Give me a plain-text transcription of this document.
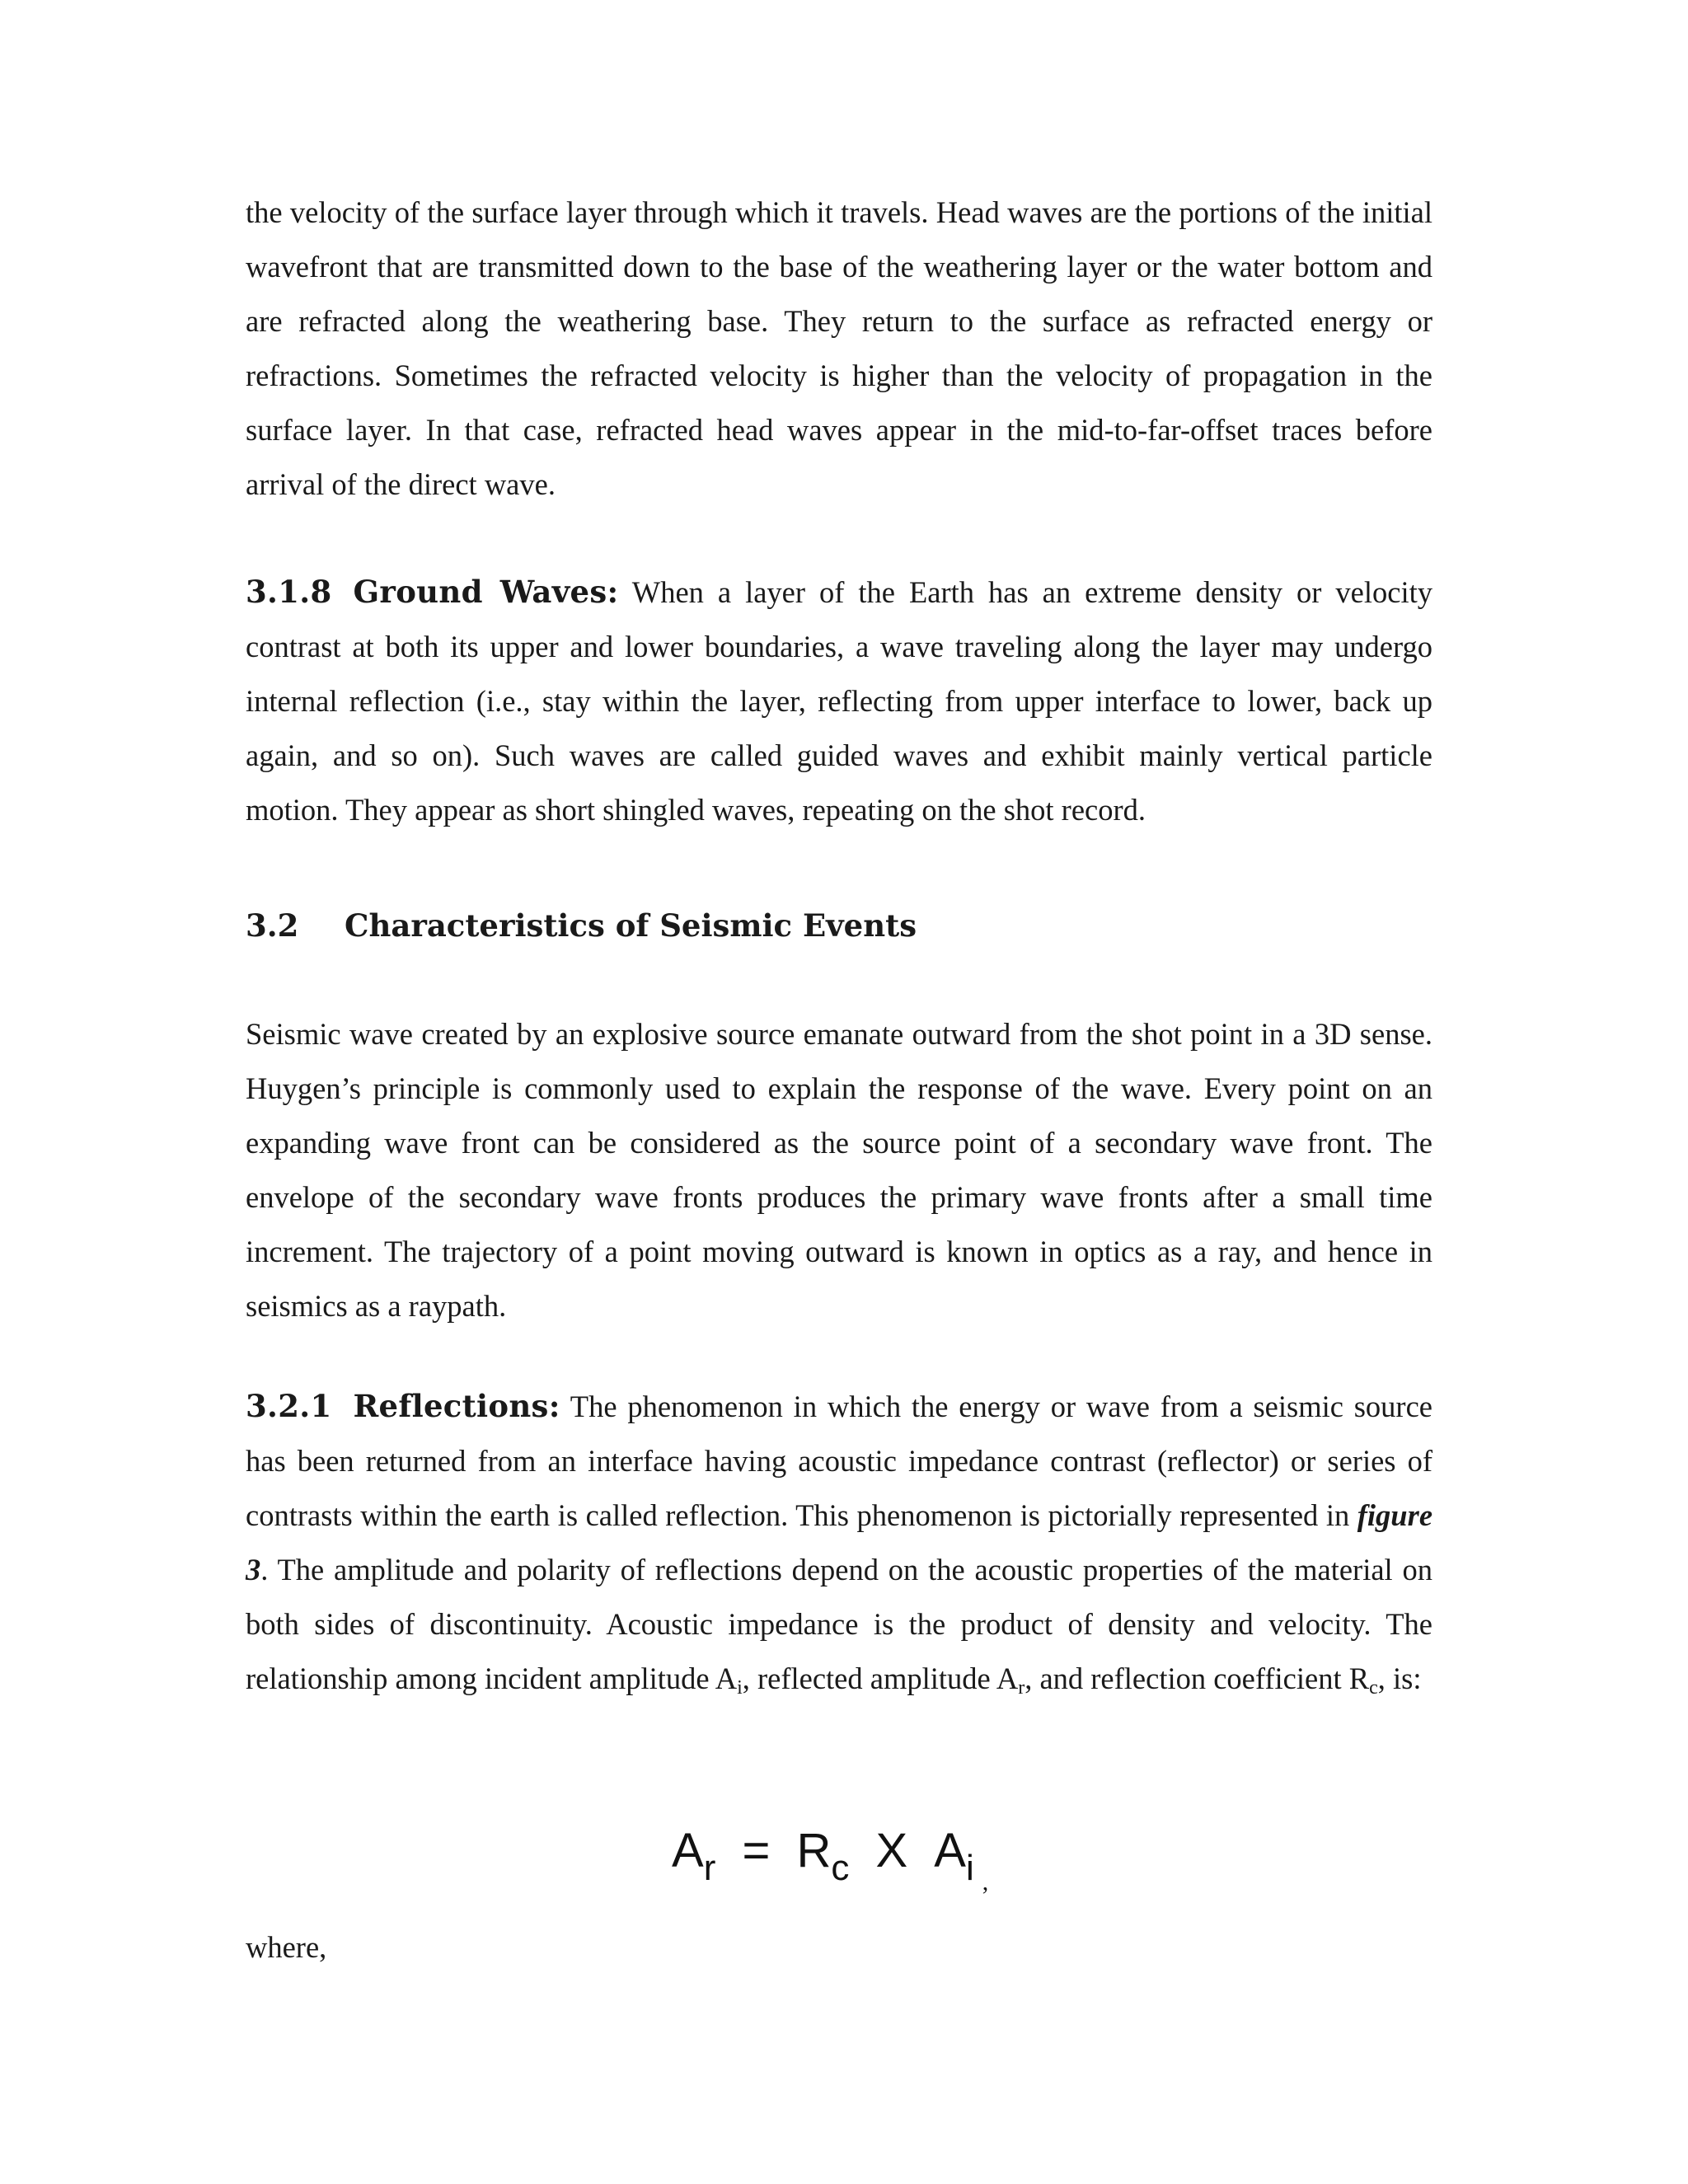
the velocity of the surface layer through which it travels. Head waves are the portions of the initial wavefront that are transmitted down to the base of the weathering layer or the water bottom and are refracted along the weathering base. They return to the surface as refracted energy or refractions. Sometimes the refracted velocity is higher than the velocity of propagation in the surface layer. In that case, refracted head waves appear in the mid-to-far-offset traces before arrival of the direct wave.

3.1.8 Ground Waves: When a layer of the Earth has an extreme density or velocity contrast at both its upper and lower boundaries, a wave traveling along the layer may undergo internal reflection (i.e., stay within the layer, reflecting from upper interface to lower, back up again, and so on). Such waves are called guided waves and exhibit mainly vertical particle motion. They appear as short shingled waves, repeating on the shot record.

3.2 Characteristics of Seismic Events

Seismic wave created by an explosive source emanate outward from the shot point in a 3D sense. Huygen’s principle is commonly used to explain the response of the wave. Every point on an expanding wave front can be considered as the source point of a secondary wave front. The envelope of the secondary wave fronts produces the primary wave fronts after a small time increment. The trajectory of a point moving outward is known in optics as a ray, and hence in seismics as a raypath.

3.2.1 Reflections: The phenomenon in which the energy or wave from a seismic source has been returned from an interface having acoustic impedance contrast (reflector) or series of contrasts within the earth is called reflection. This phenomenon is pictorially represented in figure 3. The amplitude and polarity of reflections depend on the acoustic properties of the material on both sides of discontinuity. Acoustic impedance is the product of density and velocity. The relationship among incident amplitude $A_i$, reflected amplitude $A_r$, and reflection coefficient $R_c$, is:

$A_r = R_c$ X $A_i$ $_,$

where,
